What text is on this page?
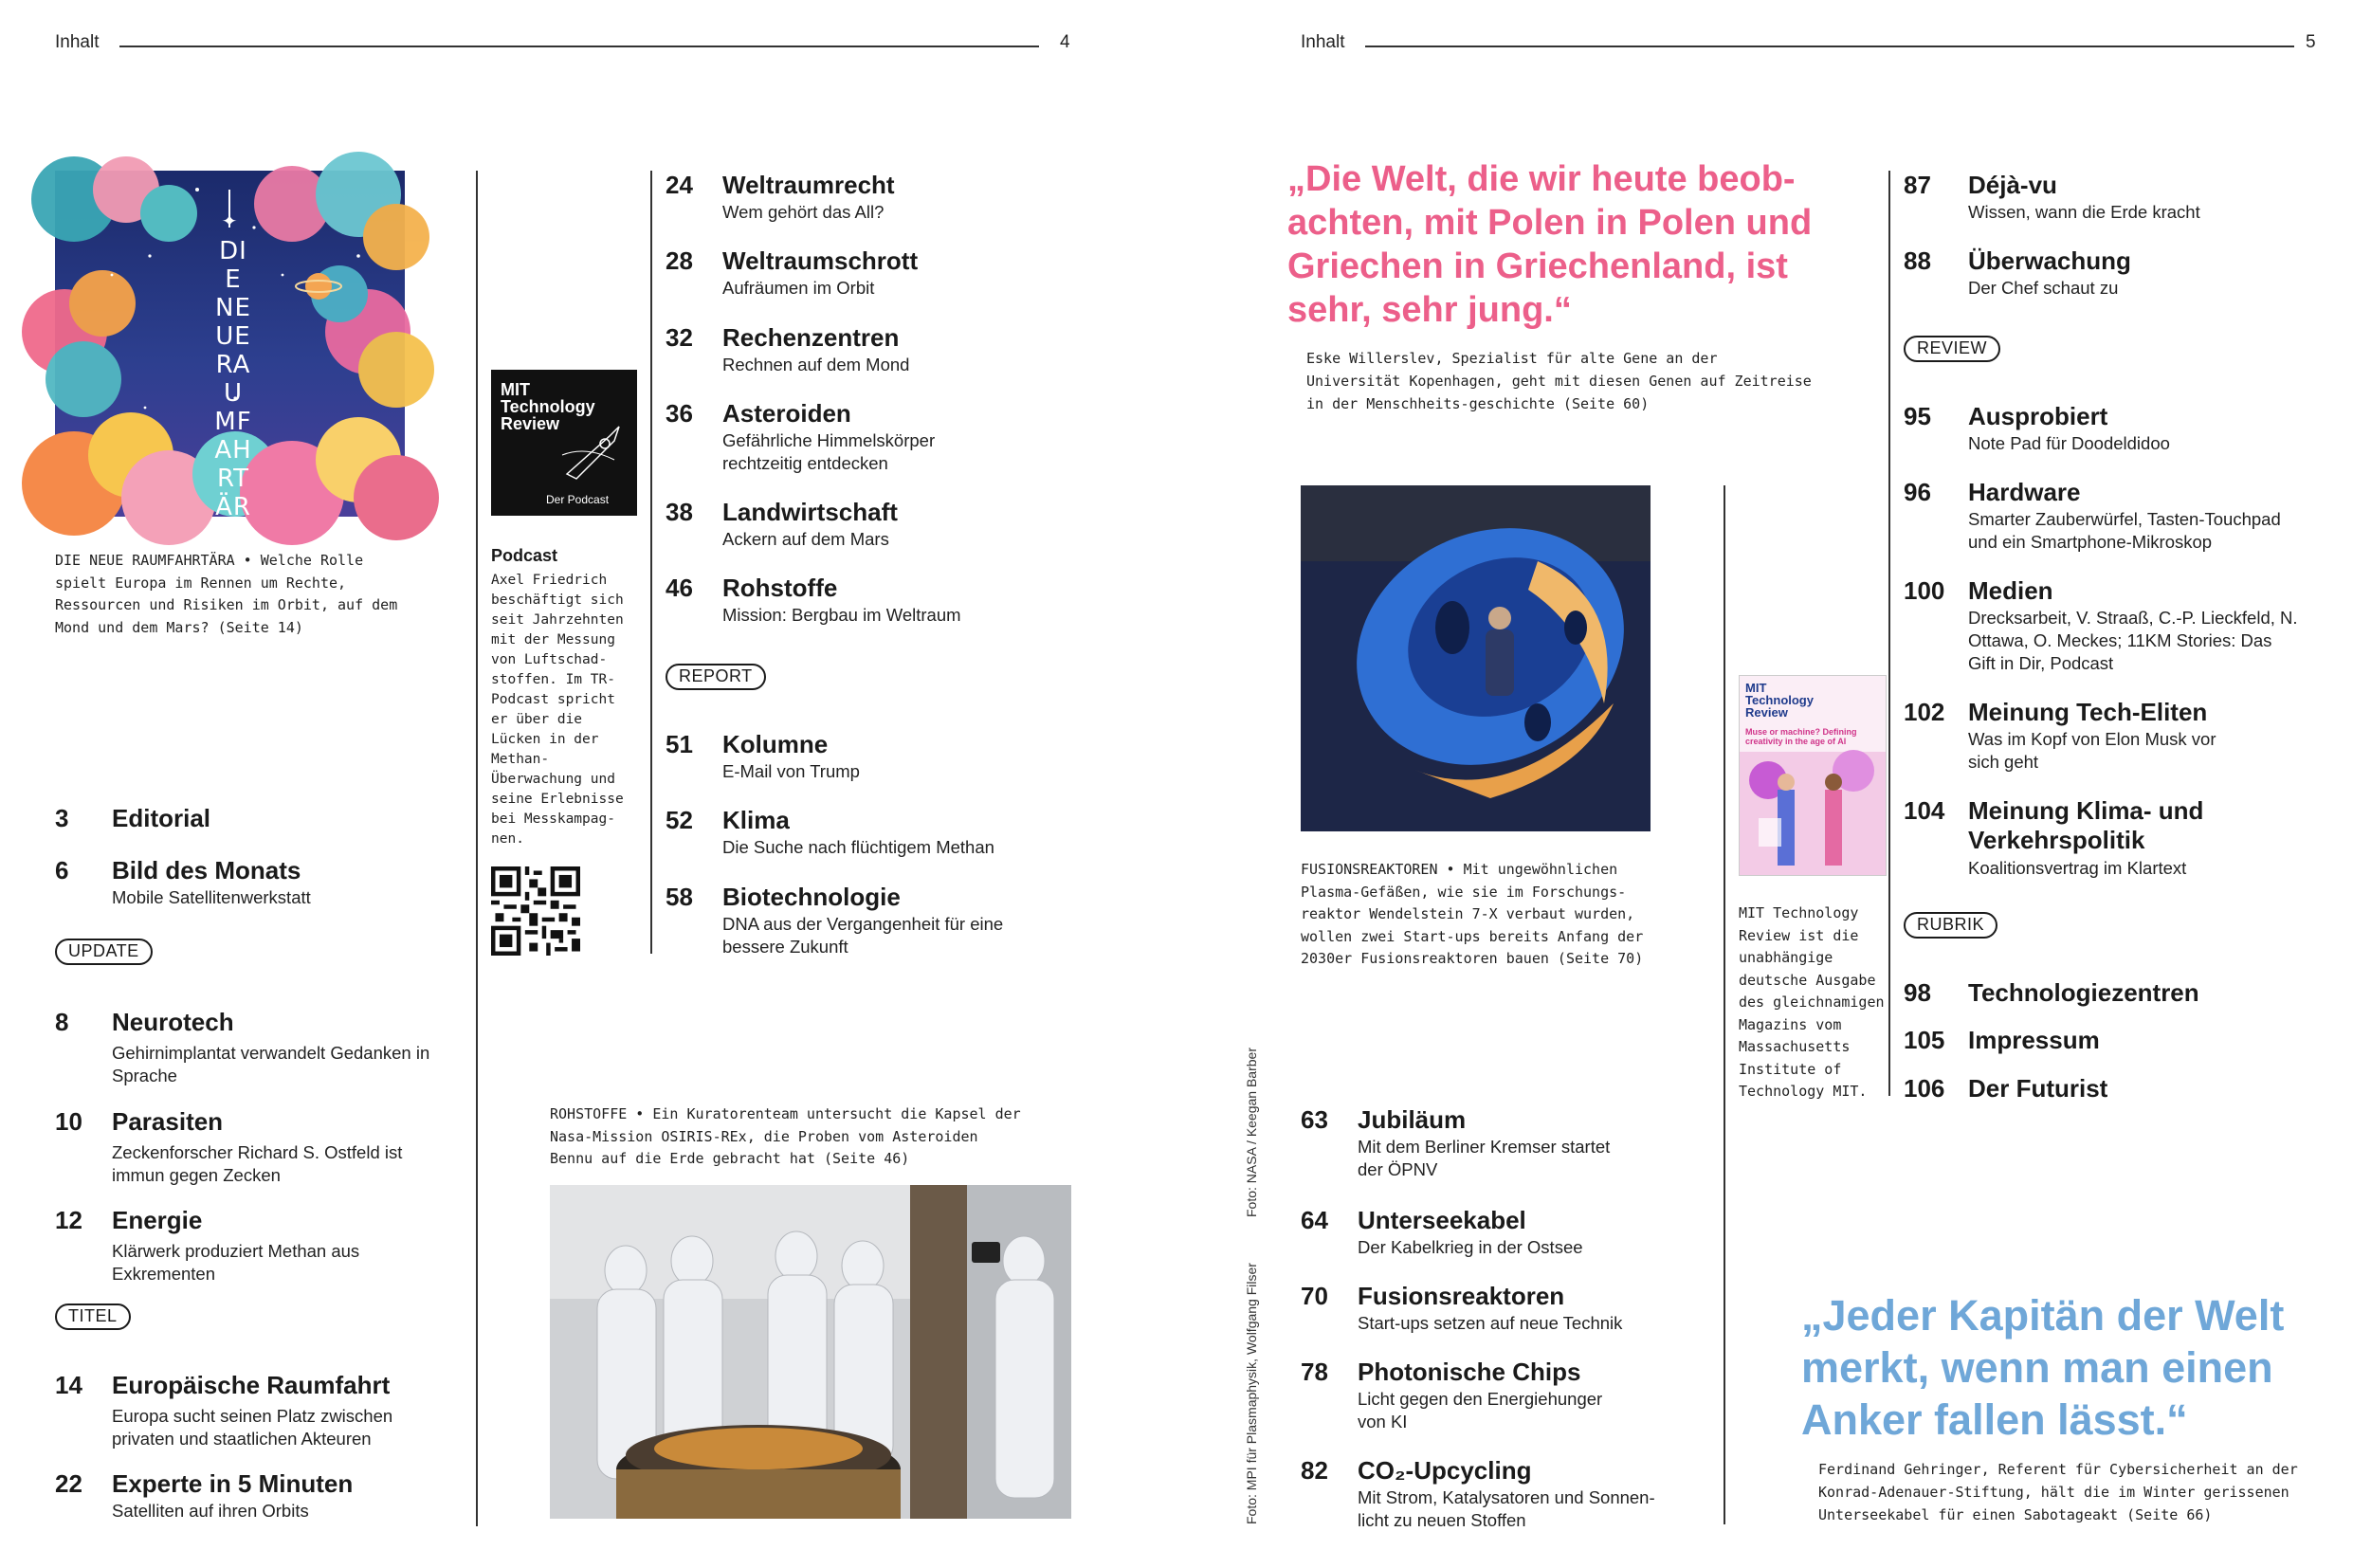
Inhalt	4
✦
DIE NEUE RAUMFAHRT ÄRA
DIE NEUE RAUMFAHRTÄRA • Welche Rolle spielt Europa im Rennen um Rechte, Ressourcen und Risiken im Orbit, auf dem Mond und dem Mars? (Seite 14)
3 Editorial
6 Bild des Monats
Mobile Satellitenwerkstatt
UPDATE
8 Neurotech
Gehirnimplantat verwandelt Gedanken in Sprache
10 Parasiten
Zeckenforscher Richard S. Ostfeld ist immun gegen Zecken
12 Energie
Klärwerk produziert Methan aus Exkrementen
TITEL
14 Europäische Raumfahrt
Europa sucht seinen Platz zwischen privaten und staatlichen Akteuren
22 Experte in 5 Minuten
Satelliten auf ihren Orbits
MIT
Technology
Review
Der Podcast
Podcast
Axel Friedrich beschäftigt sich seit Jahrzehnten mit der Messung von Luftschad-stoffen. Im TR-Podcast spricht er über die Lücken in der Methan-Überwachung und seine Erlebnisse bei Messkampag-nen.
24 Weltraumrecht
Wem gehört das All?
28 Weltraumschrott
Aufräumen im Orbit
32 Rechenzentren
Rechnen auf dem Mond
36 Asteroiden
Gefährliche Himmelskörper rechtzeitig entdecken
38 Landwirtschaft
Ackern auf dem Mars
46 Rohstoffe
Mission: Bergbau im Weltraum
REPORT
51 Kolumne
E-Mail von Trump
52 Klima
Die Suche nach flüchtigem Methan
58 Biotechnologie
DNA aus der Vergangenheit für eine bessere Zukunft
ROHSTOFFE • Ein Kuratorenteam untersucht die Kapsel der Nasa-Mission OSIRIS-REx, die Proben vom Asteroiden Bennu auf die Erde gebracht hat (Seite 46)	Foto: NASA / Keegan Barber
Foto: MPI für Plasmaphysik, Wolfgang Filser
Inhalt	5
„Die Welt, die wir heute beob-achten, mit Polen in Polen und Griechen in Griechenland, ist sehr, sehr jung.“
Eske Willerslev, Spezialist für alte Gene an der Universität Kopenhagen, geht mit diesen Genen auf Zeitreise in der Menschheits-geschichte (Seite 60)
FUSIONSREAKTOREN • Mit ungewöhnlichen Plasma-Gefäßen, wie sie im Forschungs-reaktor Wendelstein 7-X verbaut wurden, wollen zwei Start-ups bereits Anfang der 2030er Fusionsreaktoren bauen (Seite 70)
MIT Technology Review
Muse or machine? Defining creativity in the age of AI
MIT Technology Review ist die unabhängige deutsche Ausgabe des gleichnamigen Magazins vom Massachusetts Institute of Technology MIT.
63 Jubiläum
Mit dem Berliner Kremser startet der ÖPNV
64 Unterseekabel
Der Kabelkrieg in der Ostsee
70 Fusionsreaktoren
Start-ups setzen auf neue Technik
78 Photonische Chips
Licht gegen den Energiehunger von KI
82 CO₂-Upcycling
Mit Strom, Katalysatoren und Sonnen-licht zu neuen Stoffen
87 Déjà-vu
Wissen, wann die Erde kracht
88 Überwachung
Der Chef schaut zu
REVIEW
95 Ausprobiert
Note Pad für Doodeldidoo
96 Hardware
Smarter Zauberwürfel, Tasten-Touchpad und ein Smartphone-Mikroskop
100 Medien
Drecksarbeit, V. Straaß, C.-P. Lieckfeld, N. Ottawa, O. Meckes; 11KM Stories: Das Gift in Dir, Podcast
102 Meinung Tech-Eliten
Was im Kopf von Elon Musk vor sich geht
104 Meinung Klima- und Verkehrspolitik
Koalitionsvertrag im Klartext
RUBRIK
98 Technologiezentren
105 Impressum
106 Der Futurist
„Jeder Kapitän der Welt merkt, wenn man einen Anker fallen lässt.“
Ferdinand Gehringer, Referent für Cybersicherheit an der Konrad-Adenauer-Stiftung, hält die im Winter gerissenen Unterseekabel für einen Sabotageakt (Seite 66)
